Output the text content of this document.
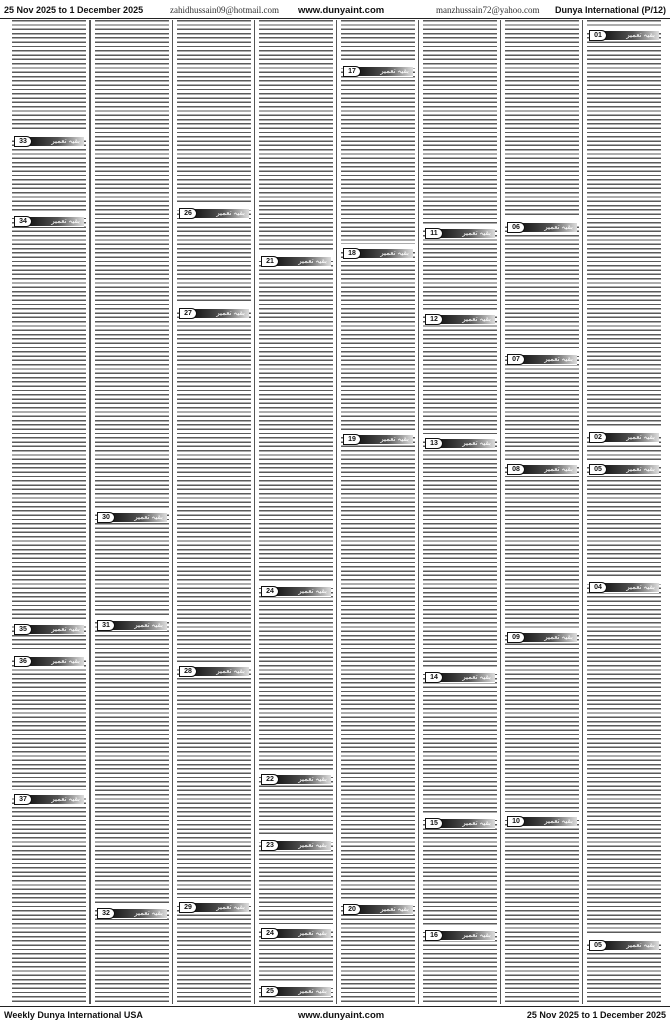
25 Nov 2025 to 1 December 2025	zahidhussain09@hotmail.com www.dunyaint.com	manzhussain72@yahoo.com Dunya International (P/12)
بقیہ تعمیر
01
بقیہ تعمیر
02
بقیہ تعمیر
05
بقیہ تعمیر
04
بقیہ تعمیر
05
بقیہ تعمیر
06
بقیہ تعمیر
07
بقیہ تعمیر
08
بقیہ تعمیر
09
بقیہ تعمیر
10
بقیہ تعمیر
11
بقیہ تعمیر
12
بقیہ تعمیر
13
بقیہ تعمیر
14
بقیہ تعمیر
15
بقیہ تعمیر
16
بقیہ تعمیر
17
بقیہ تعمیر
18
بقیہ تعمیر
19
بقیہ تعمیر
20
بقیہ تعمیر
21
بقیہ تعمیر
24
بقیہ تعمیر
22
بقیہ تعمیر
23
بقیہ تعمیر
24
بقیہ تعمیر
25
بقیہ تعمیر
26
بقیہ تعمیر
27
بقیہ تعمیر
28
بقیہ تعمیر
29
بقیہ تعمیر
30
بقیہ تعمیر
31
بقیہ تعمیر
32
بقیہ تعمیر
33
بقیہ تعمیر
34
بقیہ تعمیر
35
بقیہ تعمیر
36
بقیہ تعمیر
37
Weekly Dunya International USA	www.dunyaint.com	25 Nov 2025 to 1 December 2025
